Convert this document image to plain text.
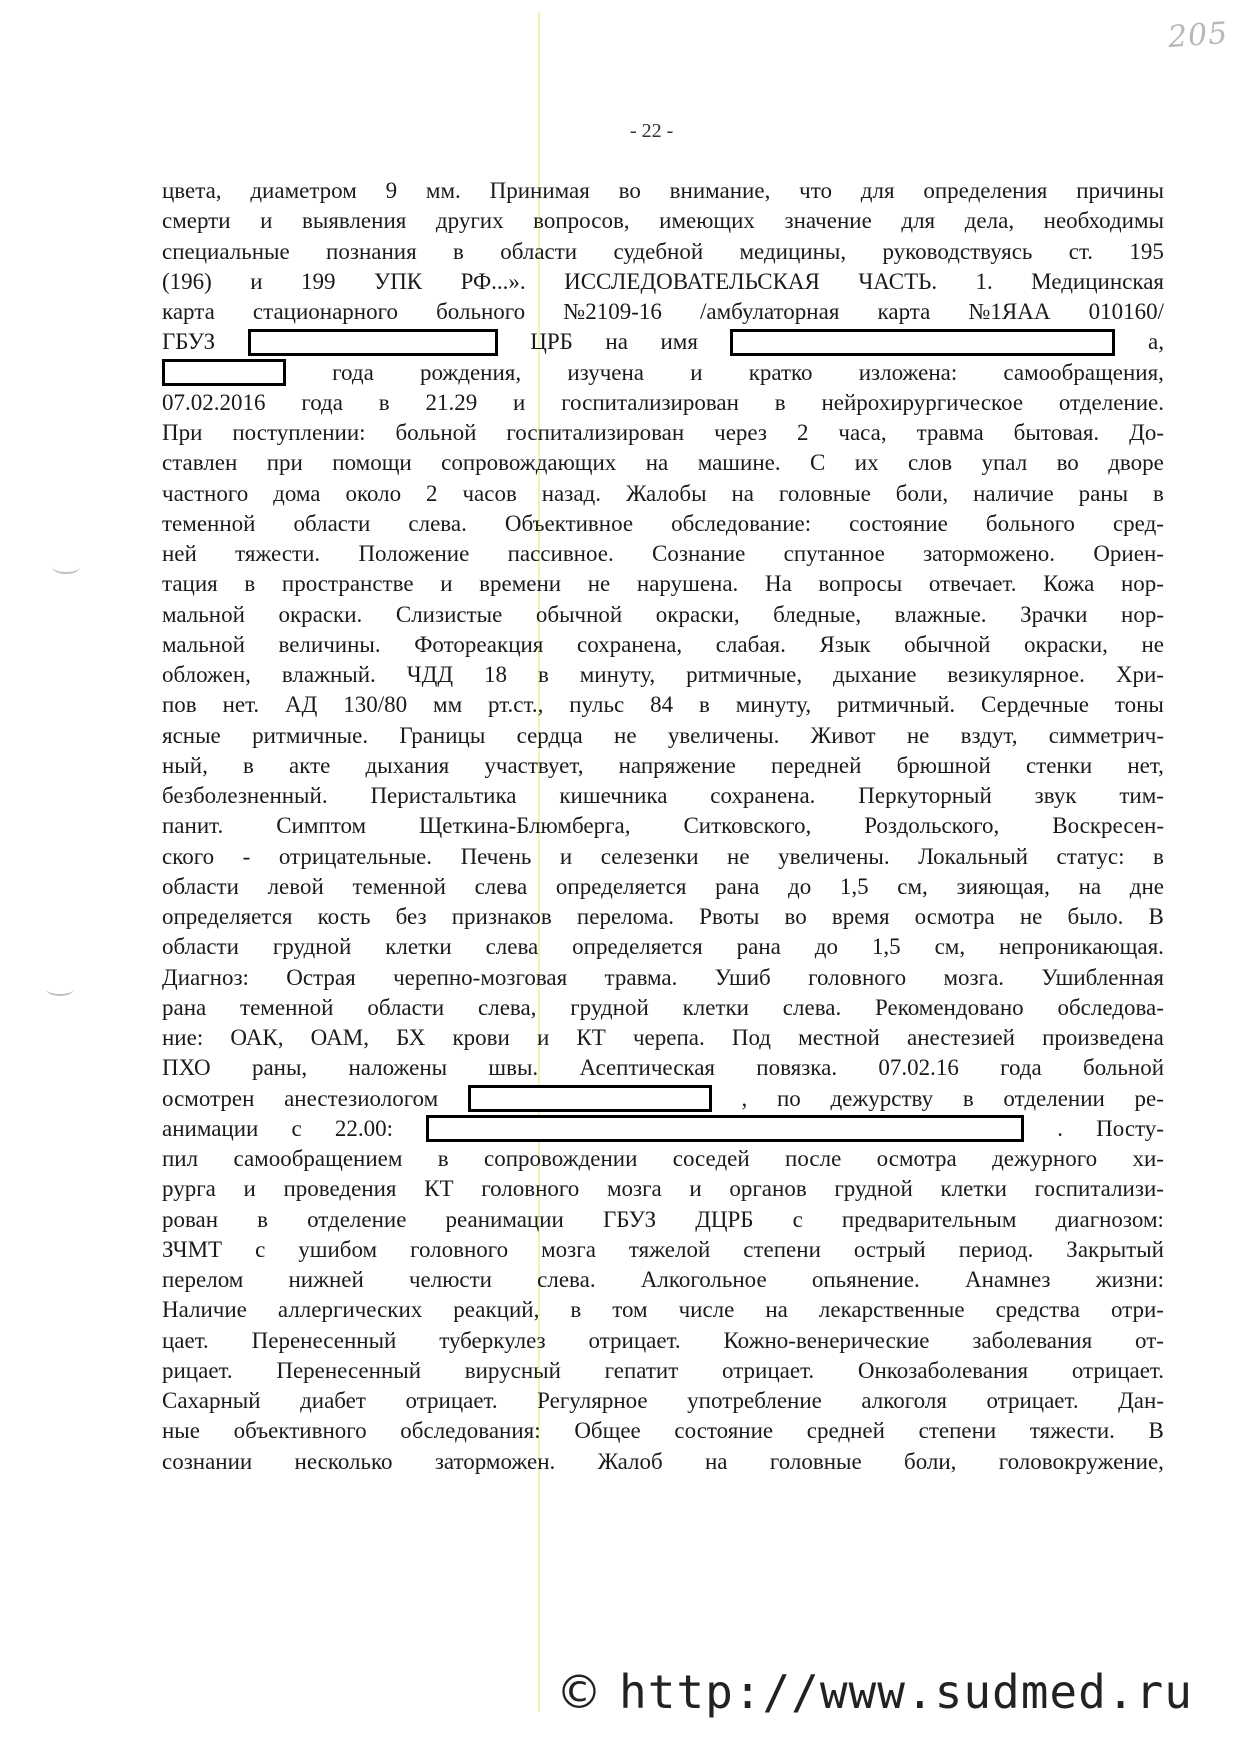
205
- 22 -
цвета, диаметром 9 мм. Принимая во внимание, что для определения причины
смерти и выявления других вопросов, имеющих значение для дела, необходимы
специальные познания в области судебной медицины, руководствуясь ст. 195
(196) и 199 УПК РФ...». ИССЛЕДОВАТЕЛЬСКАЯ ЧАСТЬ. 1. Медицинская
карта стационарного больного №2109-16 /амбулаторная карта №1ЯАА 010160/
ГБУЗ	ЦРБ на имя	а,
года рождения, изучена и кратко изложена: самообращения,
07.02.2016 года в 21.29 и госпитализирован в нейрохирургическое отделение.
При поступлении: больной госпитализирован через 2 часа, травма бытовая. До-
ставлен при помощи сопровождающих на машине. С их слов упал во дворе
частного дома около 2 часов назад. Жалобы на головные боли, наличие раны в
теменной области слева. Объективное обследование: состояние больного сред-
ней тяжести. Положение пассивное. Сознание спутанное заторможено. Ориен-
тация в пространстве и времени не нарушена. На вопросы отвечает. Кожа нор-
мальной окраски. Слизистые обычной окраски, бледные, влажные. Зрачки нор-
мальной величины. Фотореакция сохранена, слабая. Язык обычной окраски, не
обложен, влажный. ЧДД 18 в минуту, ритмичные, дыхание везикулярное. Хри-
пов нет. АД 130/80 мм рт.ст., пульс 84 в минуту, ритмичный. Сердечные тоны
ясные ритмичные. Границы сердца не увеличены. Живот не вздут, симметрич-
ный, в акте дыхания участвует, напряжение передней брюшной стенки нет,
безболезненный. Перистальтика кишечника сохранена. Перкуторный звук тим-
панит. Симптом Щеткина-Блюмберга, Ситковского, Роздольского, Воскресен-
ского - отрицательные. Печень и селезенки не увеличены. Локальный статус: в
области левой теменной слева определяется рана до 1,5 см, зияющая, на дне
определяется кость без признаков перелома. Рвоты во время осмотра не было. В
области грудной клетки слева определяется рана до 1,5 см, непроникающая.
Диагноз: Острая черепно-мозговая травма. Ушиб головного мозга. Ушибленная
рана теменной области слева, грудной клетки слева. Рекомендовано обследова-
ние: ОАК, ОАМ, БХ крови и КТ черепа. Под местной анестезией произведена
ПХО раны, наложены швы. Асептическая повязка. 07.02.16 года больной
осмотрен анестезиологом	, по дежурству в отделении ре-
анимации с 22.00:	. Посту-
пил самообращением в сопровождении соседей после осмотра дежурного хи-
рурга и проведения КТ головного мозга и органов грудной клетки госпитализи-
рован в отделение реанимации ГБУЗ ДЦРБ с предварительным диагнозом:
ЗЧМТ с ушибом головного мозга тяжелой степени острый период. Закрытый
перелом нижней челюсти слева. Алкогольное опьянение. Анамнез жизни:
Наличие аллергических реакций, в том числе на лекарственные средства отри-
цает. Перенесенный туберкулез отрицает. Кожно-венерические заболевания от-
рицает. Перенесенный вирусный гепатит отрицает. Онкозаболевания отрицает.
Сахарный диабет отрицает. Регулярное употребление алкоголя отрицает. Дан-
ные объективного обследования: Общее состояние средней степени тяжести. В
сознании несколько заторможен. Жалоб на головные боли, головокружение,
© http://www.sudmed.ru
